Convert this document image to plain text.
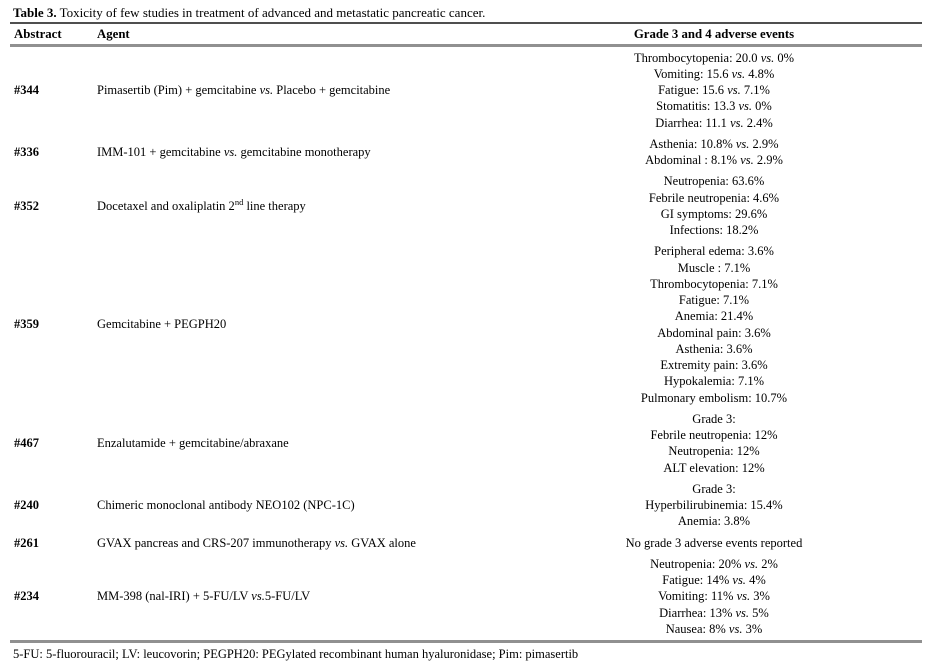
Table 3. Toxicity of few studies in treatment of advanced and metastatic pancreatic cancer.
Abstract	Agent	Grade 3 and 4 adverse events
#344	Pimasertib (Pim) + gemcitabine vs. Placebo + gemcitabine	Thrombocytopenia: 20.0 vs. 0%
Vomiting: 15.6 vs. 4.8%
Fatigue: 15.6 vs. 7.1%
Stomatitis: 13.3 vs. 0%
Diarrhea: 11.1 vs. 2.4%

#336	IMM-101 + gemcitabine vs. gemcitabine monotherapy	Asthenia: 10.8% vs. 2.9%
Abdominal : 8.1% vs. 2.9%

#352	Docetaxel and oxaliplatin 2nd line therapy	Neutropenia: 63.6%
Febrile neutropenia: 4.6%
GI symptoms: 29.6%
Infections: 18.2%

#359	Gemcitabine + PEGPH20	
Peripheral edema: 3.6%
Muscle : 7.1%
Thrombocytopenia: 7.1%
Fatigue: 7.1%
Anemia: 21.4%
Abdominal pain: 3.6%
Asthenia: 3.6%
Extremity pain: 3.6%
Hypokalemia: 7.1%
Pulmonary embolism: 10.7%

#467	Enzalutamide + gemcitabine/abraxane	Grade 3:
Febrile neutropenia: 12%
Neutropenia: 12%
ALT elevation: 12%

#240	Chimeric monoclonal antibody NEO102 (NPC-1C)	Grade 3:
Hyperbilirubinemia: 15.4%
Anemia: 3.8%

#261	GVAX pancreas and CRS-207 immunotherapy vs. GVAX alone	No grade 3 adverse events reported

#234	MM-398 (nal-IRI) + 5-FU/LV vs.5-FU/LV	Neutropenia: 20% vs. 2%
Fatigue: 14% vs. 4%
Vomiting: 11% vs. 3%
Diarrhea: 13% vs. 5%
Nausea: 8% vs. 3%
5-FU: 5-fluorouracil; LV: leucovorin; PEGPH20: PEGylated recombinant human hyaluronidase; Pim: pimasertib
